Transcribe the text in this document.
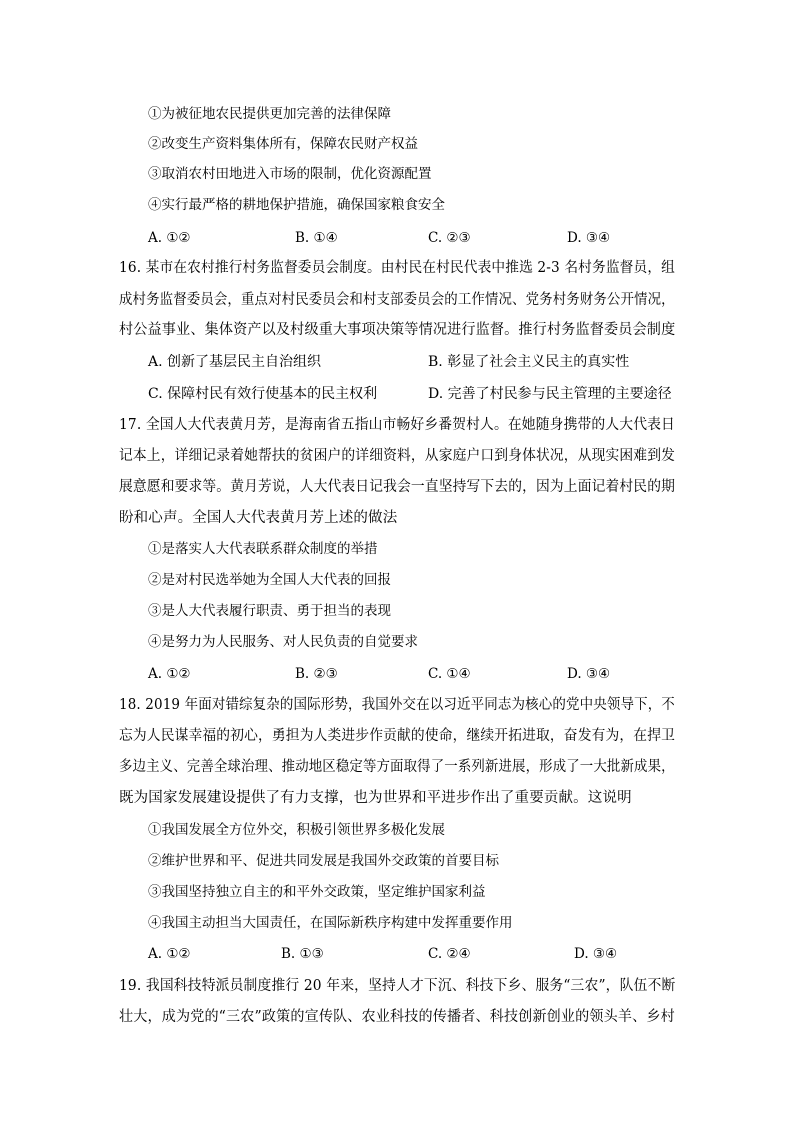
①为被征地农民提供更加完善的法律保障
②改变生产资料集体所有，保障农民财产权益
③取消农村田地进入市场的限制，优化资源配置
④实行最严格的耕地保护措施，确保国家粮食安全
A. ①②	B. ①④	C. ②③	D. ③④
16. 某市在农村推行村务监督委员会制度。由村民在村民代表中推选 2-3 名村务监督员，组
成村务监督委员会，重点对村民委员会和村支部委员会的工作情况、党务村务财务公开情况，
村公益事业、集体资产以及村级重大事项决策等情况进行监督。推行村务监督委员会制度
A. 创新了基层民主自治组织	B. 彰显了社会主义民主的真实性
C. 保障村民有效行使基本的民主权利	D. 完善了村民参与民主管理的主要途径
17. 全国人大代表黄月芳，是海南省五指山市畅好乡番贺村人。在她随身携带的人大代表日
记本上，详细记录着她帮扶的贫困户的详细资料，从家庭户口到身体状况，从现实困难到发
展意愿和要求等。黄月芳说，人大代表日记我会一直坚持写下去的，因为上面记着村民的期
盼和心声。全国人大代表黄月芳上述的做法
①是落实人大代表联系群众制度的举措
②是对村民选举她为全国人大代表的回报
③是人大代表履行职责、勇于担当的表现
④是努力为人民服务、对人民负责的自觉要求
A. ①②	B. ②③	C. ①④	D. ③④
18. 2019 年面对错综复杂的国际形势，我国外交在以习近平同志为核心的党中央领导下，不
忘为人民谋幸福的初心，勇担为人类进步作贡献的使命，继续开拓进取，奋发有为，在捍卫
多边主义、完善全球治理、推动地区稳定等方面取得了一系列新进展，形成了一大批新成果，
既为国家发展建设提供了有力支撑，也为世界和平进步作出了重要贡献。这说明
①我国发展全方位外交，积极引领世界多极化发展
②维护世界和平、促进共同发展是我国外交政策的首要目标
③我国坚持独立自主的和平外交政策，坚定维护国家利益
④我国主动担当大国责任，在国际新秩序构建中发挥重要作用
A. ①②	B. ①③	C. ②④	D. ③④
19. 我国科技特派员制度推行 20 年来，坚持人才下沉、科技下乡、服务“三农”，队伍不断
壮大，成为党的“三农”政策的宣传队、农业科技的传播者、科技创新创业的领头羊、乡村
